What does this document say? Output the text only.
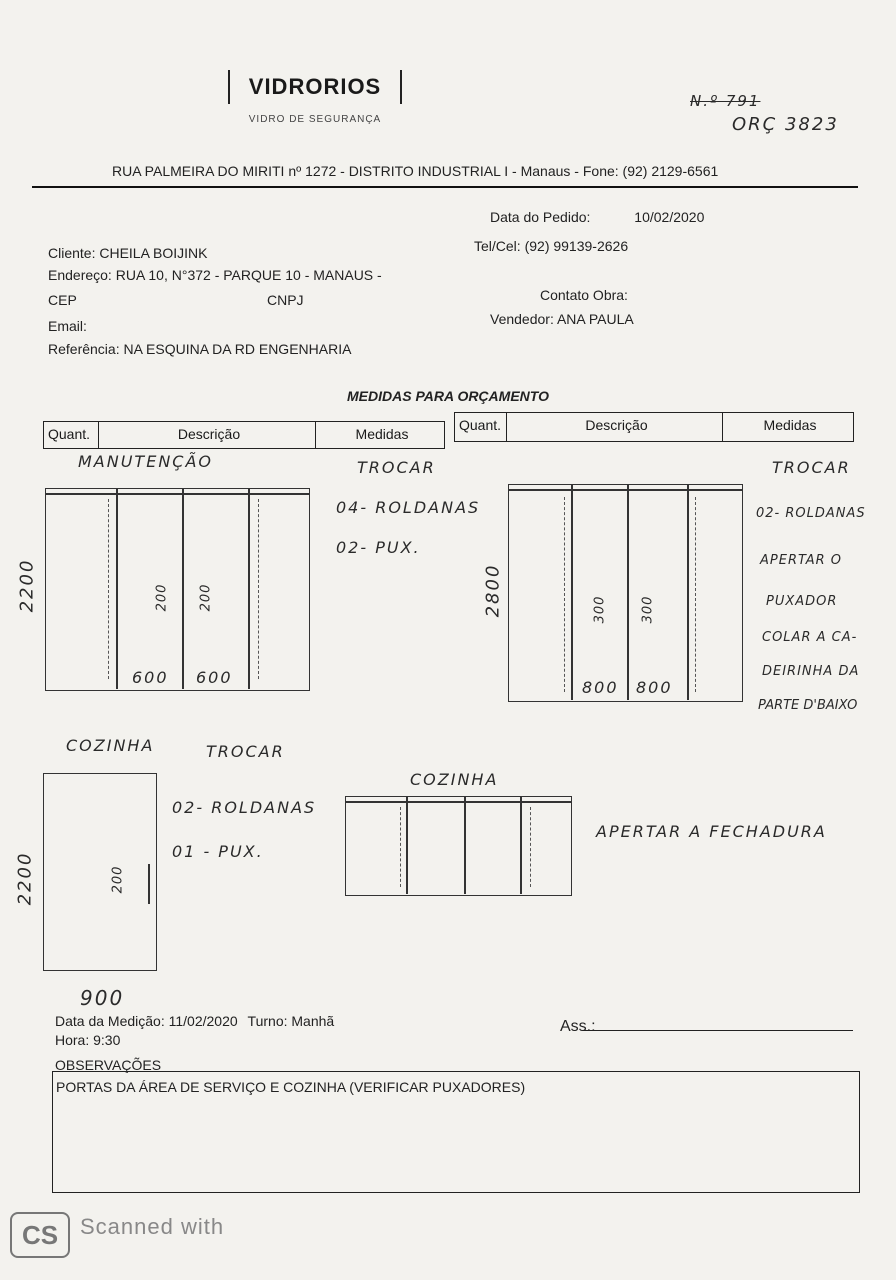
VIDRORIOS
VIDRO DE SEGURANÇA
N.º 791
ORÇ 3823
RUA PALMEIRA DO MIRITI nº 1272 - DISTRITO INDUSTRIAL I - Manaus - Fone: (92) 2129-6561
Data do Pedido:	10/02/2020
Cliente: CHEILA BOIJINK	Tel/Cel: (92) 99139-2626
Endereço: RUA 10, N°372 - PARQUE 10 - MANAUS -
CEP	CNPJ	Contato Obra:
Email:	Vendedor: ANA PAULA
Referência: NA ESQUINA DA RD ENGENHARIA
MEDIDAS PARA ORÇAMENTO
Quant.	Descrição	Medidas
Quant.	Descrição	Medidas
MANUTENÇÃO
2200	200 200
600 600
TROCAR
04- ROLDANAS
02- PUX.
2800	300	300
800 800
TROCAR
02- ROLDANAS
APERTAR O
PUXADOR
COLAR A CA-
DEIRINHA DA
PARTE D'BAIXO
COZINHA	TROCAR
2200	200
900
02- ROLDANAS
01 - PUX.
COZINHA
APERTAR A FECHADURA
Data da Medição: 11/02/2020 Turno: Manhã
Hora: 9:30
Ass.:
OBSERVAÇÕES
PORTAS DA ÁREA DE SERVIÇO E COZINHA (VERIFICAR PUXADORES)
CS Scanned with
